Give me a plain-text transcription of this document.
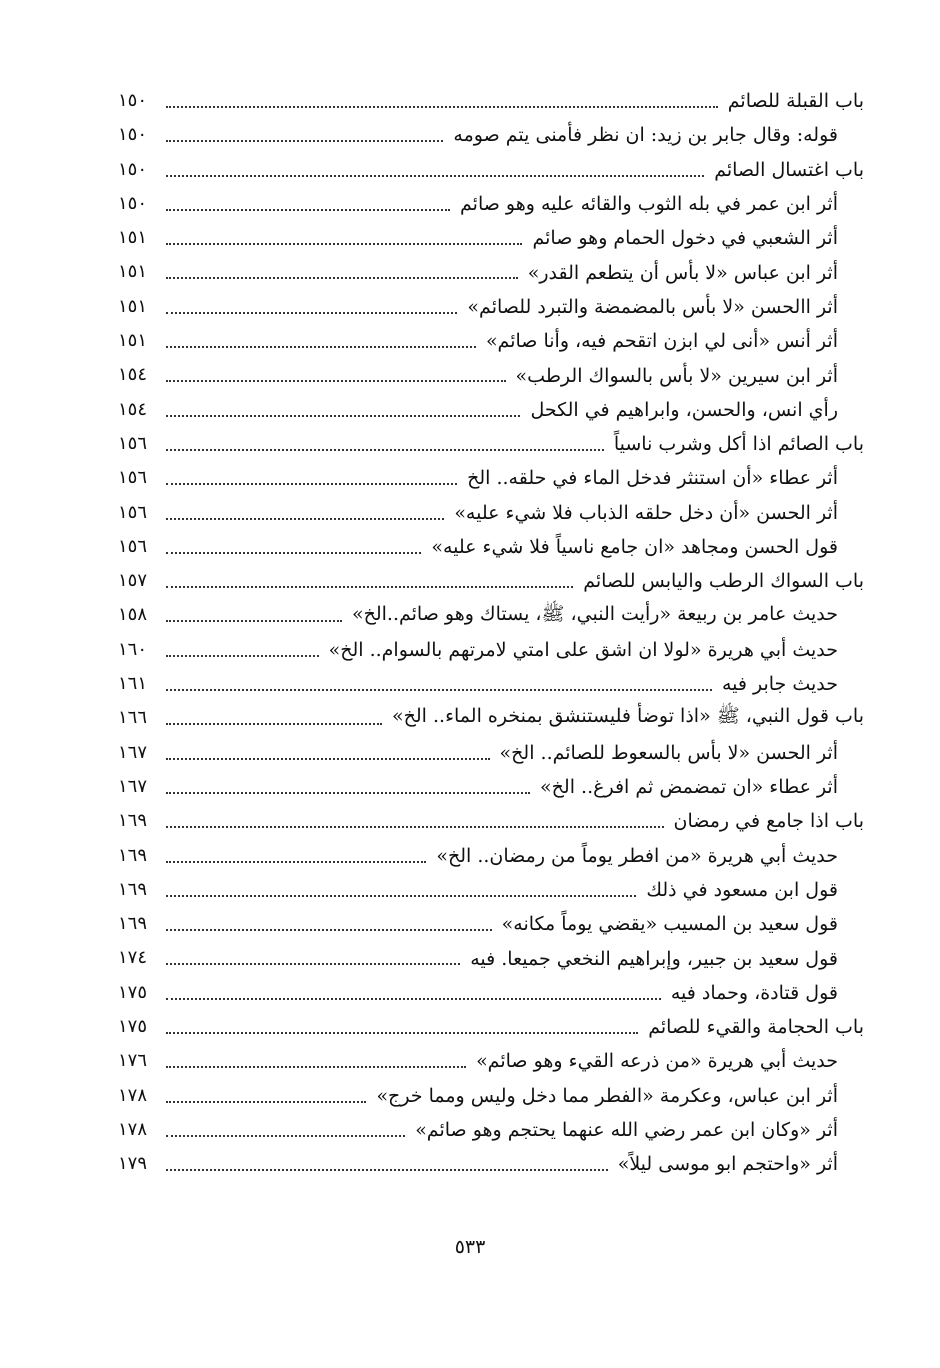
باب القبلة للصائم
١٥٠
قوله: وقال جابر بن زيد: ان نظر فأمنى يتم صومه
١٥٠
باب اغتسال الصائم
١٥٠
أثر ابن عمر في بله الثوب والقائه عليه وهو صائم
١٥٠
أثر الشعبي في دخول الحمام وهو صائم
١٥١
أثر ابن عباس «لا بأس أن يتطعم القدر»
١٥١
أثر االحسن «لا بأس بالمضمضة والتبرد للصائم»
١٥١
أثر أنس «أنى لي ابزن اتقحم فيه، وأنا صائم»
١٥١
أثر ابن سيرين «لا بأس بالسواك الرطب»
١٥٤
رأي انس، والحسن، وابراهيم في الكحل
١٥٤
باب الصائم اذا أكل وشرب ناسياً
١٥٦
أثر عطاء «أن استنثر فدخل الماء في حلقه.. الخ
١٥٦
أثر الحسن «أن دخل حلقه الذباب فلا شيء عليه»
١٥٦
قول الحسن ومجاهد «ان جامع ناسياً فلا شيء عليه»
١٥٦
باب السواك الرطب واليابس للصائم
١٥٧
حديث عامر بن ربيعة «رأيت النبي، ﷺ، يستاك وهو صائم..الخ»
١٥٨
حديث أبي هريرة «لولا ان اشق على امتي لامرتهم بالسوام.. الخ»
١٦٠
حديث جابر فيه
١٦١
باب قول النبي، ﷺ «اذا توضأ فليستنشق بمنخره الماء.. الخ»
١٦٦
أثر الحسن «لا بأس بالسعوط للصائم.. الخ»
١٦٧
أثر عطاء «ان تمضمض ثم افرغ.. الخ»
١٦٧
باب اذا جامع في رمضان
١٦٩
حديث أبي هريرة «من افطر يوماً من رمضان.. الخ»
١٦٩
قول ابن مسعود في ذلك
١٦٩
قول سعيد بن المسيب «يقضي يوماً مكانه»
١٦٩
قول سعيد بن جبير، وإبراهيم النخعي جميعا. فيه
١٧٤
قول قتادة، وحماد فيه
١٧٥
باب الحجامة والقيء للصائم
١٧٥
حديث أبي هريرة «من ذرعه القيء وهو صائم»
١٧٦
أثر ابن عباس، وعكرمة «الفطر مما دخل وليس ومما خرج»
١٧٨
أثر «وكان ابن عمر رضي الله عنهما يحتجم وهو صائم»
١٧٨
أثر «واحتجم ابو موسى ليلاً»
١٧٩
٥٣٣
